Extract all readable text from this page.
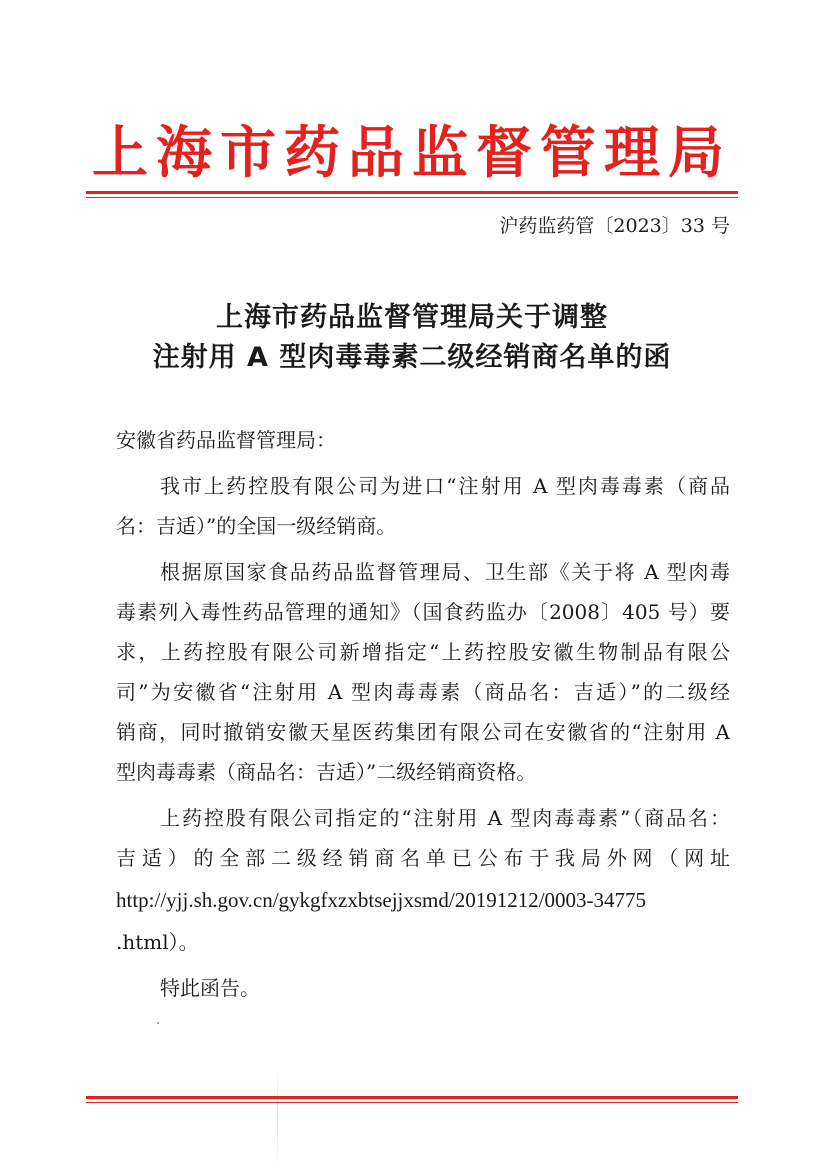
上海市药品监督管理局
沪药监药管〔2023〕33 号
上海市药品监督管理局关于调整
注射用 A 型肉毒毒素二级经销商名单的函
安徽省药品监督管理局：
我市上药控股有限公司为进口“注射用 A 型肉毒毒素（商品
名：吉适）”的全国一级经销商。
根据原国家食品药品监督管理局、卫生部《关于将 A 型肉毒
毒素列入毒性药品管理的通知》（国食药监办〔2008〕405 号）要
求，上药控股有限公司新增指定“上药控股安徽生物制品有限公
司”为安徽省“注射用 A 型肉毒毒素（商品名：吉适）”的二级经
销商，同时撤销安徽天星医药集团有限公司在安徽省的“注射用 A
型肉毒毒素（商品名：吉适）”二级经销商资格。
上药控股有限公司指定的“注射用 A 型肉毒毒素”（商品名：
吉适）的全部二级经销商名单已公布于我局外网（网址
http://yjj.sh.gov.cn/gykgfxzxbtsejjxsmd/20191212/0003-34775
.html）。
特此函告。
